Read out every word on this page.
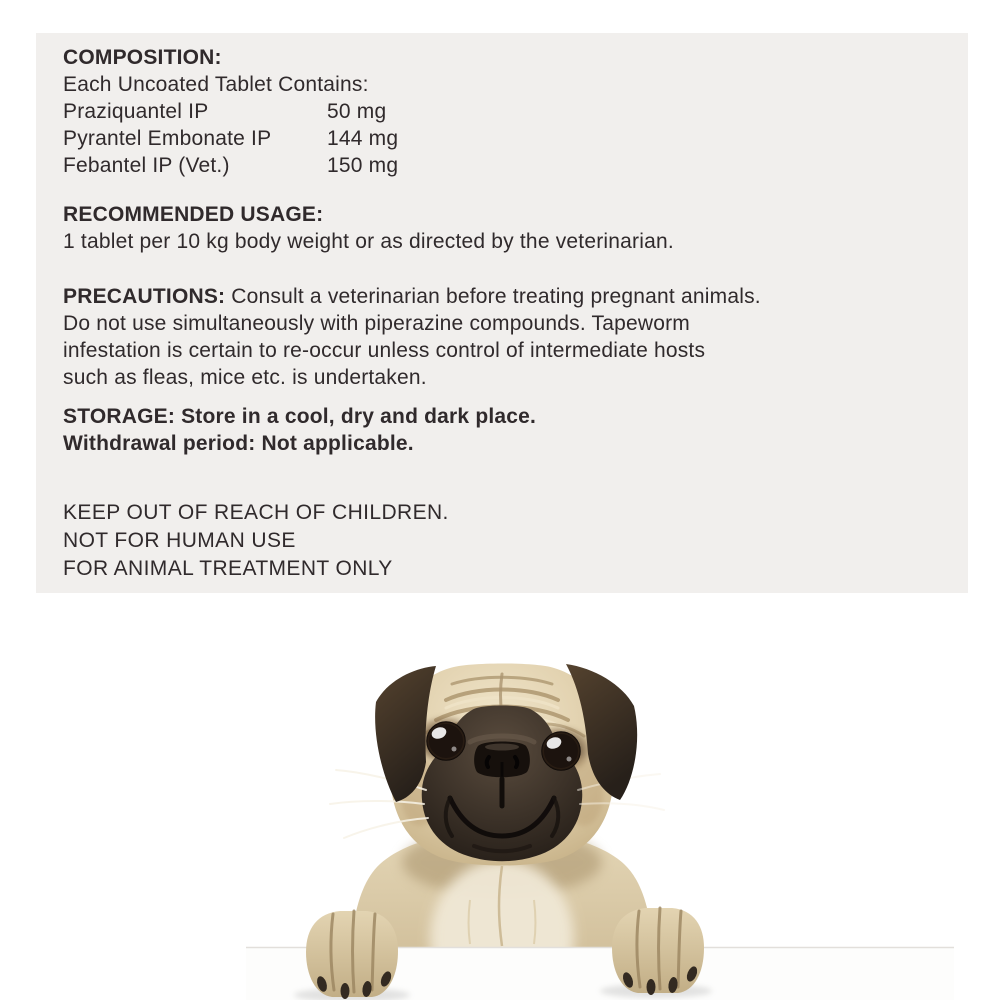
COMPOSITION:
Each Uncoated Tablet Contains:
Praziquantel IP	50 mg
Pyrantel Embonate IP	144 mg
Febantel IP (Vet.)	150 mg
RECOMMENDED USAGE:
1 tablet per 10 kg body weight or as directed by the veterinarian.
PRECAUTIONS: Consult a veterinarian before treating pregnant animals.
Do not use simultaneously with piperazine compounds. Tapeworm
infestation is certain to re-occur unless control of intermediate hosts
such as fleas, mice etc. is undertaken.
STORAGE: Store in a cool, dry and dark place.
Withdrawal period: Not applicable.
KEEP OUT OF REACH OF CHILDREN.
NOT FOR HUMAN USE
FOR ANIMAL TREATMENT ONLY
